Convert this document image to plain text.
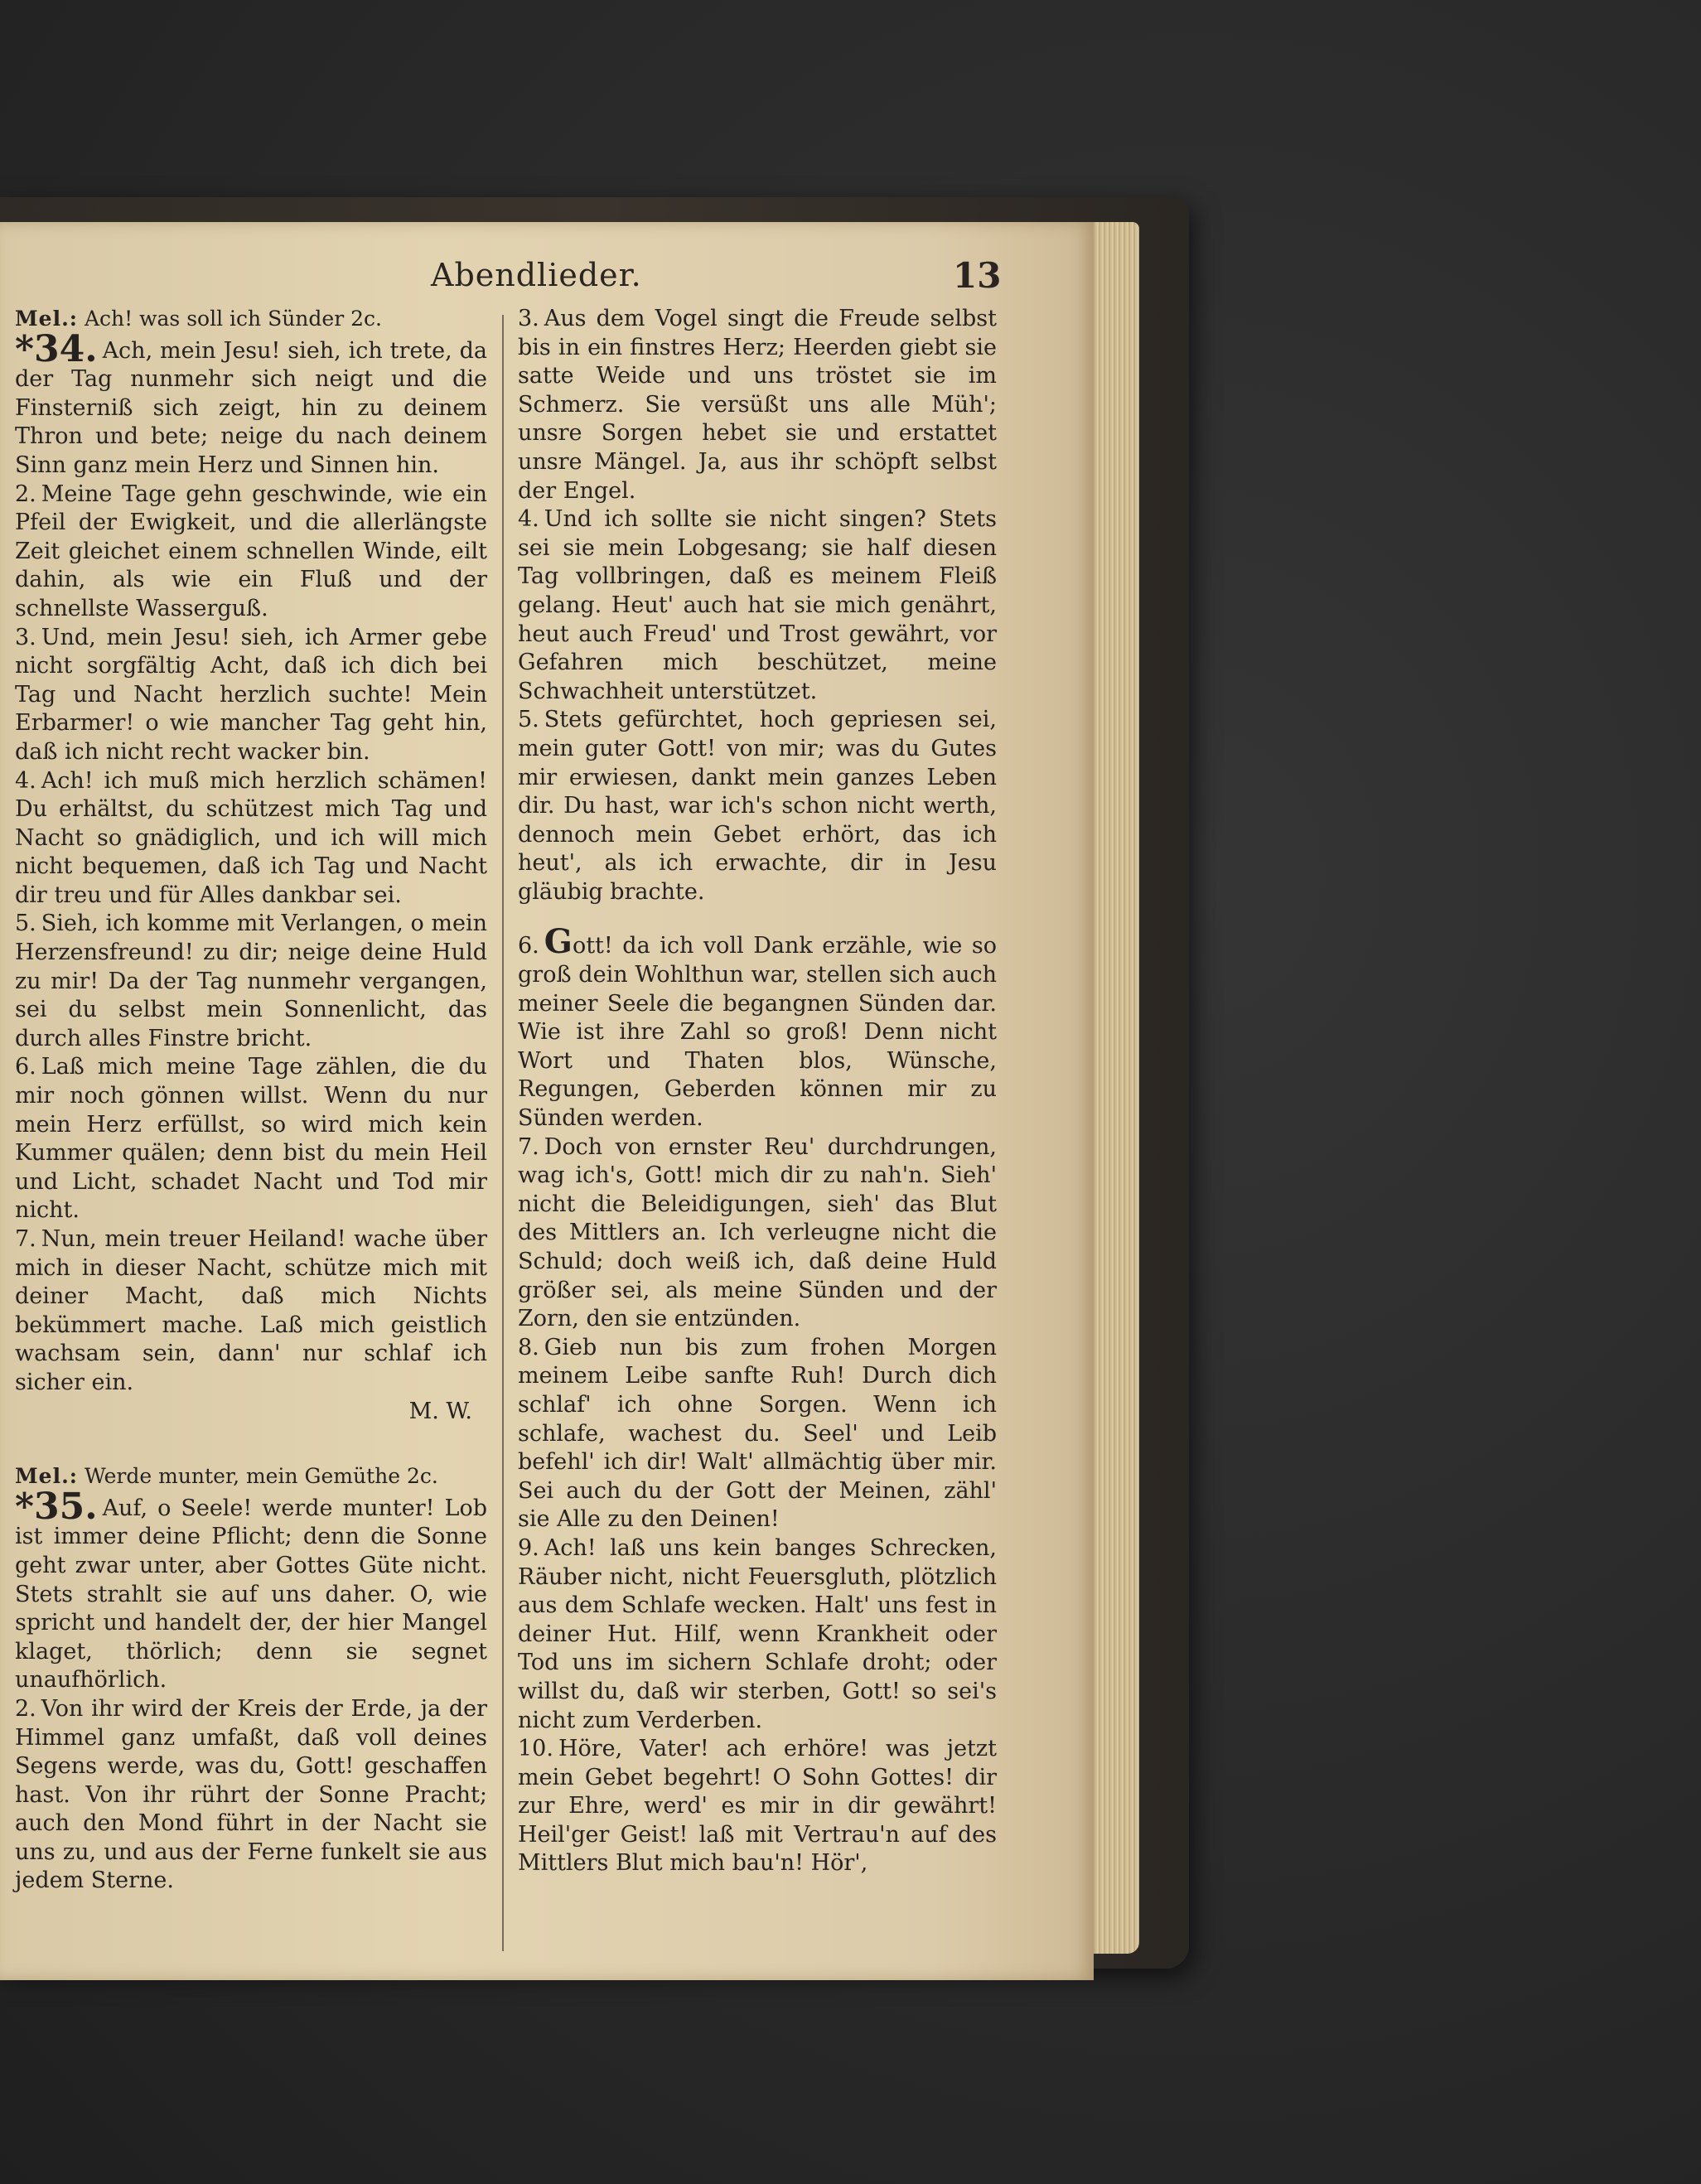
Abendlieder.	13
Mel.: Ach! was soll ich Sünder 2c.

*34. Ach, mein Jesu! sieh, ich trete, da der Tag nunmehr sich neigt und die Finsterniß sich zeigt, hin zu deinem Thron und bete; neige du nach deinem Sinn ganz mein Herz und Sinnen hin.

2. Meine Tage gehn geschwinde, wie ein Pfeil der Ewigkeit, und die allerlängste Zeit gleichet einem schnellen Winde, eilt dahin, als wie ein Fluß und der schnellste Wasserguß.

3. Und, mein Jesu! sieh, ich Armer gebe nicht sorgfältig Acht, daß ich dich bei Tag und Nacht herzlich suchte! Mein Erbarmer! o wie mancher Tag geht hin, daß ich nicht recht wacker bin.

4. Ach! ich muß mich herzlich schämen! Du erhältst, du schützest mich Tag und Nacht so gnädiglich, und ich will mich nicht bequemen, daß ich Tag und Nacht dir treu und für Alles dankbar sei.

5. Sieh, ich komme mit Verlangen, o mein Herzensfreund! zu dir; neige deine Huld zu mir! Da der Tag nunmehr vergangen, sei du selbst mein Sonnenlicht, das durch alles Finstre bricht.

6. Laß mich meine Tage zählen, die du mir noch gönnen willst. Wenn du nur mein Herz erfüllst, so wird mich kein Kummer quälen; denn bist du mein Heil und Licht, schadet Nacht und Tod mir nicht.

7. Nun, mein treuer Heiland! wache über mich in dieser Nacht, schütze mich mit deiner Macht, daß mich Nichts bekümmert mache. Laß mich geistlich wachsam sein, dann' nur schlaf ich sicher ein.

M. W.
Mel.: Werde munter, mein Gemüthe 2c.

*35. Auf, o Seele! werde munter! Lob ist immer deine Pflicht; denn die Sonne geht zwar unter, aber Gottes Güte nicht. Stets strahlt sie auf uns daher. O, wie spricht und handelt der, der hier Mangel klaget, thörlich; denn sie segnet unaufhörlich.

2. Von ihr wird der Kreis der Erde, ja der Himmel ganz umfaßt, daß voll deines Segens werde, was du, Gott! geschaffen hast. Von ihr rührt der Sonne Pracht; auch den Mond führt in der Nacht sie uns zu, und aus der Ferne funkelt sie aus jedem Sterne.

3. Aus dem Vogel singt die Freude selbst bis in ein finstres Herz; Heerden giebt sie satte Weide und uns tröstet sie im Schmerz. Sie versüßt uns alle Müh'; unsre Sorgen hebet sie und erstattet unsre Mängel. Ja, aus ihr schöpft selbst der Engel.

4. Und ich sollte sie nicht singen? Stets sei sie mein Lobgesang; sie half diesen Tag vollbringen, daß es meinem Fleiß gelang. Heut' auch hat sie mich genährt, heut auch Freud' und Trost gewährt, vor Gefahren mich beschützet, meine Schwachheit unterstützet.

5. Stets gefürchtet, hoch gepriesen sei, mein guter Gott! von mir; was du Gutes mir erwiesen, dankt mein ganzes Leben dir. Du hast, war ich's schon nicht werth, dennoch mein Gebet erhört, das ich heut', als ich erwachte, dir in Jesu gläubig brachte.

6. Gott! da ich voll Dank erzähle, wie so groß dein Wohlthun war, stellen sich auch meiner Seele die begangnen Sünden dar. Wie ist ihre Zahl so groß! Denn nicht Wort und Thaten blos, Wünsche, Regungen, Geberden können mir zu Sünden werden.

7. Doch von ernster Reu' durchdrungen, wag ich's, Gott! mich dir zu nah'n. Sieh' nicht die Beleidigungen, sieh' das Blut des Mittlers an. Ich verleugne nicht die Schuld; doch weiß ich, daß deine Huld größer sei, als meine Sünden und der Zorn, den sie entzünden.

8. Gieb nun bis zum frohen Morgen meinem Leibe sanfte Ruh! Durch dich schlaf' ich ohne Sorgen. Wenn ich schlafe, wachest du. Seel' und Leib befehl' ich dir! Walt' allmächtig über mir. Sei auch du der Gott der Meinen, zähl' sie Alle zu den Deinen!

9. Ach! laß uns kein banges Schrecken, Räuber nicht, nicht Feuersgluth, plötzlich aus dem Schlafe wecken. Halt' uns fest in deiner Hut. Hilf, wenn Krankheit oder Tod uns im sichern Schlafe droht; oder willst du, daß wir sterben, Gott! so sei's nicht zum Verderben.

10. Höre, Vater! ach erhöre! was jetzt mein Gebet begehrt! O Sohn Gottes! dir zur Ehre, werd' es mir in dir gewährt! Heil'ger Geist! laß mit Vertrau'n auf des Mittlers Blut mich bau'n! Hör',
